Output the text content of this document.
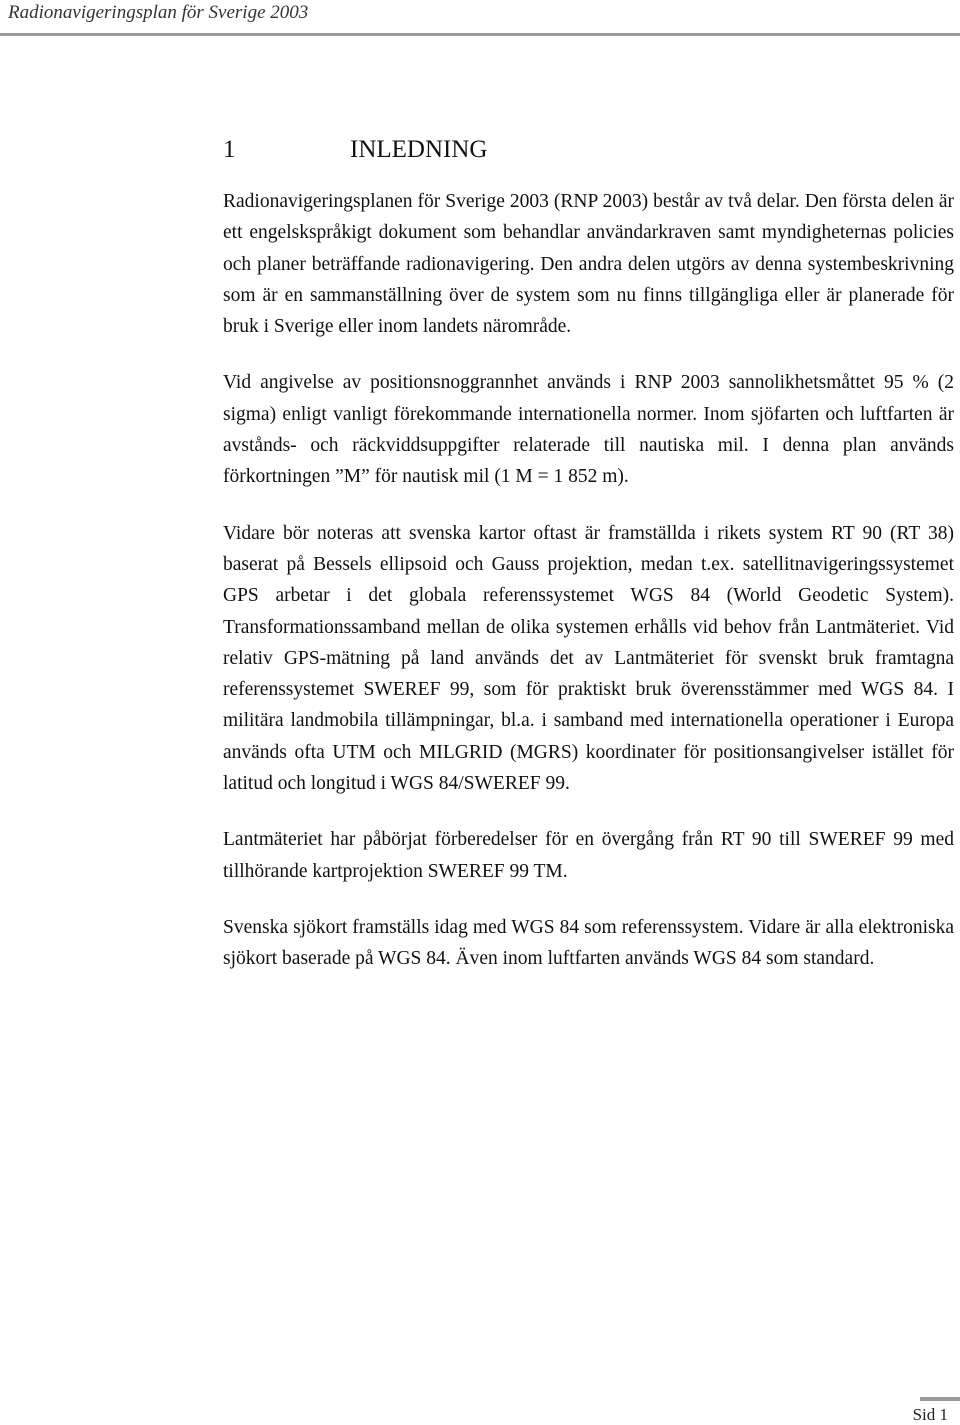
Radionavigeringsplan för Sverige 2003
1	INLEDNING

Radionavigeringsplanen för Sverige 2003 (RNP 2003) består av två delar. Den första delen är ett engelskspråkigt dokument som behandlar användarkraven samt myndigheternas policies och planer beträffande radionavigering. Den andra delen utgörs av denna systembeskrivning som är en sammanställning över de system som nu finns tillgängliga eller är planerade för bruk i Sverige eller inom landets närområde.

Vid angivelse av positionsnoggrannhet används i RNP 2003 sannolikhetsmåttet 95 % (2 sigma) enligt vanligt förekommande internationella normer. Inom sjöfarten och luftfarten är avstånds- och räckviddsuppgifter relaterade till nautiska mil. I denna plan används förkortningen ”M” för nautisk mil (1 M = 1 852 m).

Vidare bör noteras att svenska kartor oftast är framställda i rikets system RT 90 (RT 38) baserat på Bessels ellipsoid och Gauss projektion, medan t.ex. satellitnavigeringssystemet GPS arbetar i det globala referenssystemet WGS 84 (World Geodetic System). Transformationssamband mellan de olika systemen erhålls vid behov från Lantmäteriet. Vid relativ GPS-mätning på land används det av Lantmäteriet för svenskt bruk framtagna referenssystemet SWEREF 99, som för praktiskt bruk överensstämmer med WGS 84. I militära landmobila tillämpningar, bl.a. i samband med internationella operationer i Europa används ofta UTM och MILGRID (MGRS) koordinater för positionsangivelser istället för latitud och longitud i WGS 84/SWEREF 99.

Lantmäteriet har påbörjat förberedelser för en övergång från RT 90 till SWEREF 99 med tillhörande kartprojektion SWEREF 99 TM.

Svenska sjökort framställs idag med WGS 84 som referenssystem. Vidare är alla elektroniska sjökort baserade på WGS 84. Även inom luftfarten används WGS 84 som standard.

Sid 1
